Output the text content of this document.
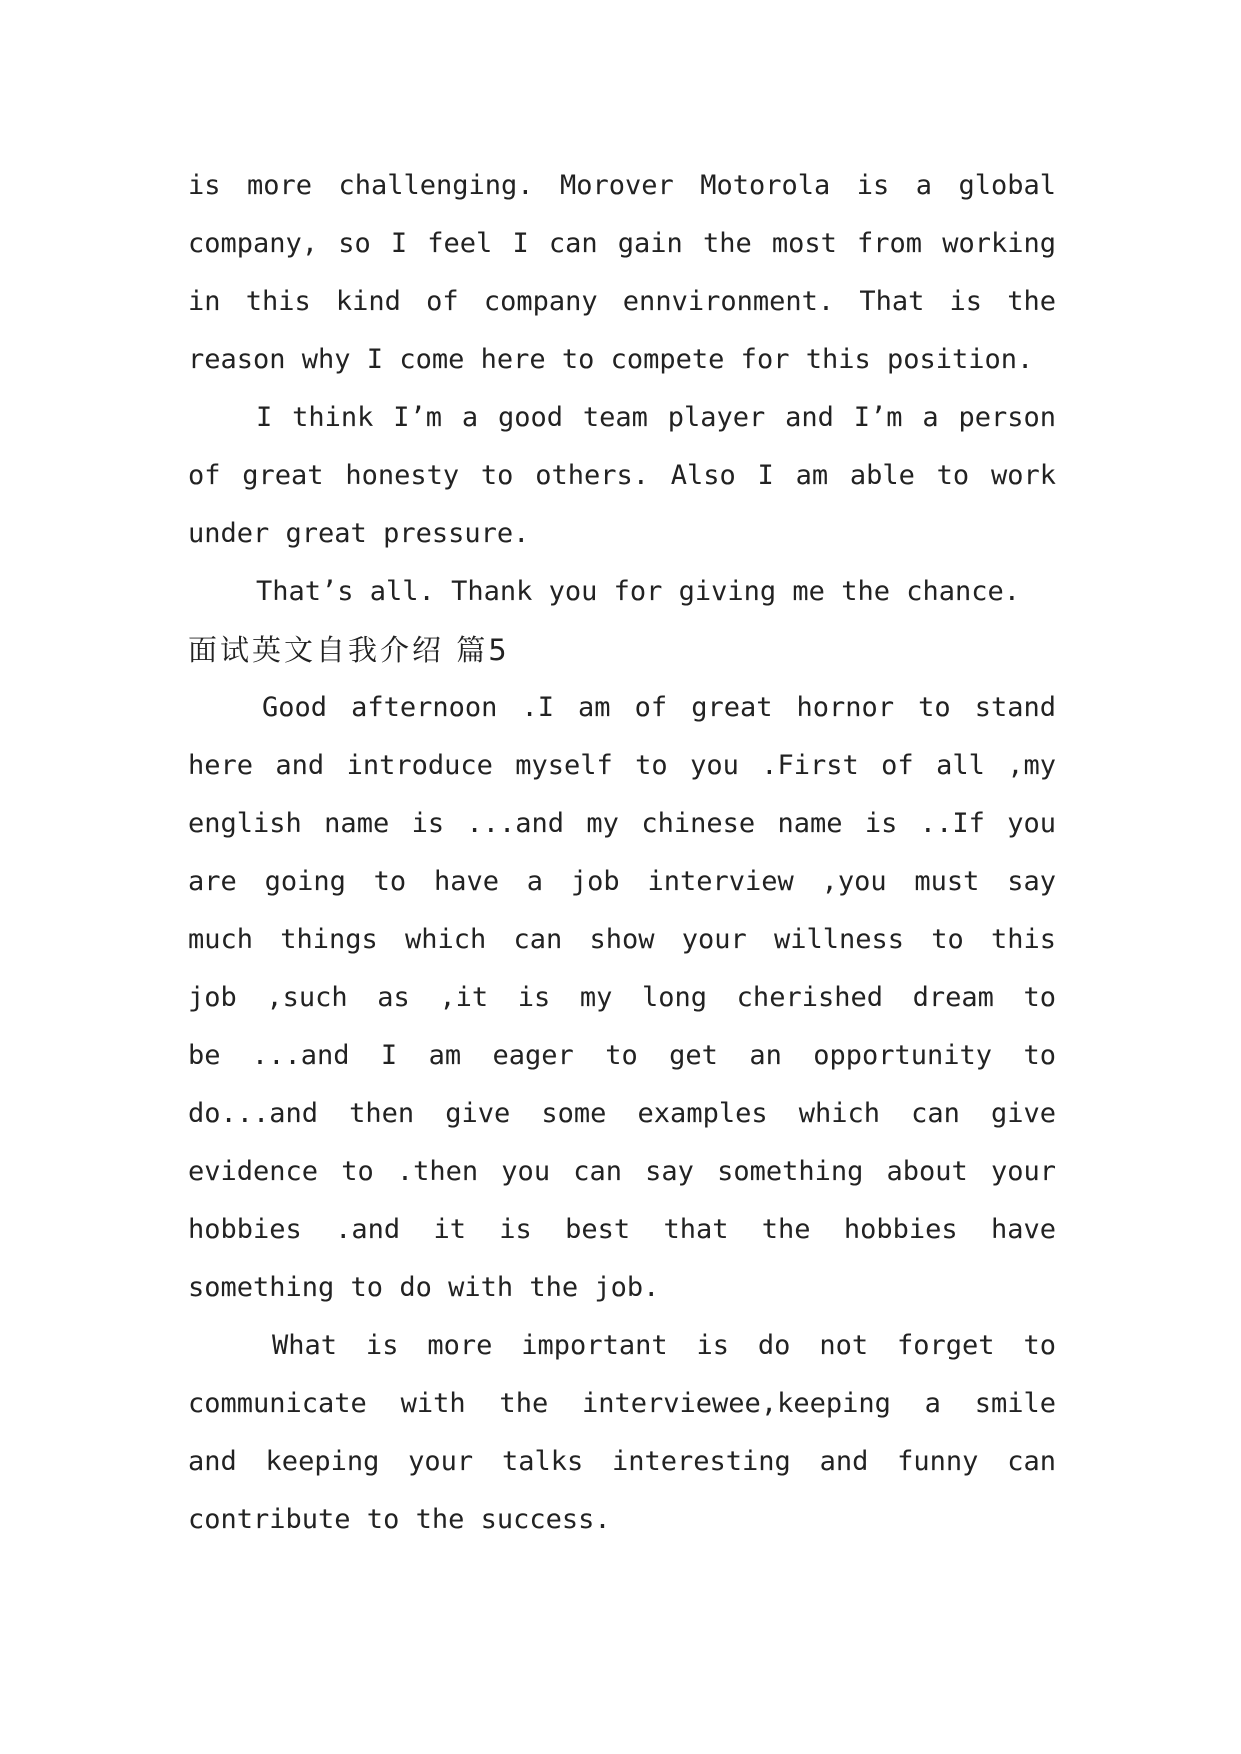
is more challenging. Morover Motorola is a global
company, so I feel I can gain the most from working
in this kind of company ennvironment. That is the
reason why I come here to compete for this position.
I think I’m a good team player and I’m a person
of great honesty to others. Also I am able to work
under great pressure.
That’s all. Thank you for giving me the chance.
面试英文自我介绍 篇5
Good afternoon .I am of great hornor to stand
here and introduce myself to you .First of all ,my
english name is ...and my chinese name is ..If you
are going to have a job interview ,you must say
much things which can show your willness to this
job ,such as ,it is my long cherished dream to
be ...and I am eager to get an opportunity to
do...and then give some examples which can give
evidence to .then you can say something about your
hobbies .and it is best that the hobbies have
something to do with the job.
What is more important is do not forget to
communicate with the interviewee,keeping a smile
and keeping your talks interesting and funny can
contribute to the success.
